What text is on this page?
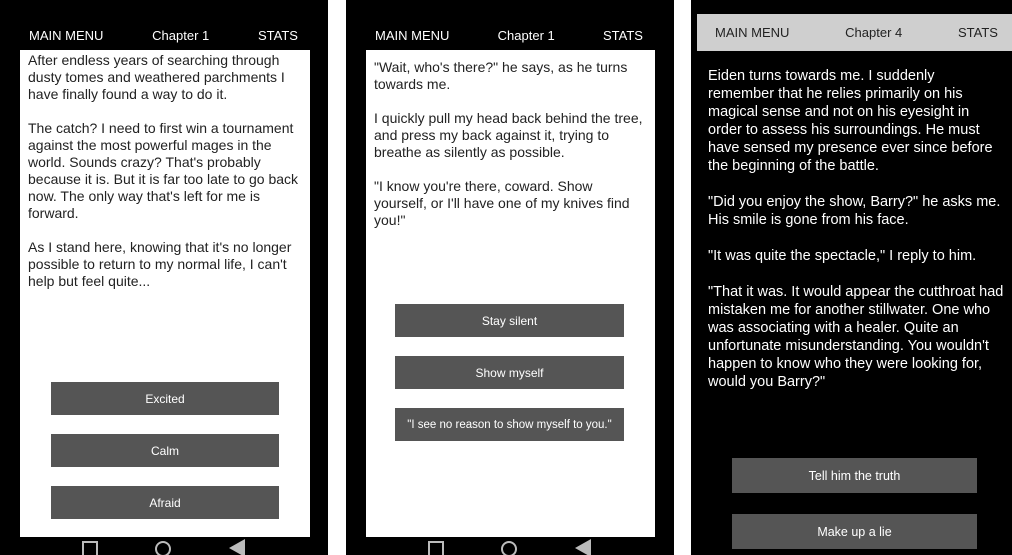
MAIN MENU	Chapter 1	STATS

After endless years of searching through dusty tomes and weathered parchments I have finally found a way to do it.

The catch? I need to first win a tournament against the most powerful mages in the world. Sounds crazy? That's probably because it is. But it is far too late to go back now. The only way that's left for me is forward.

As I stand here, knowing that it's no longer possible to return to my normal life, I can't help but feel quite...

Excited
Calm
Afraid
MAIN MENU	Chapter 1	STATS

"Wait, who's there?" he says, as he turns towards me.

I quickly pull my head back behind the tree, and press my back against it, trying to breathe as silently as possible.

"I know you're there, coward. Show yourself, or I'll have one of my knives find you!"

Stay silent
Show myself
"I see no reason to show myself to you."
MAIN MENU	Chapter 4	STATS

Eiden turns towards me. I suddenly remember that he relies primarily on his magical sense and not on his eyesight in order to assess his surroundings. He must have sensed my presence ever since before the beginning of the battle.

"Did you enjoy the show, Barry?" he asks me. His smile is gone from his face.

"It was quite the spectacle," I reply to him.

"That it was. It would appear the cutthroat had mistaken me for another stillwater. One who was associating with a healer. Quite an unfortunate misunderstanding. You wouldn't happen to know who they were looking for, would you Barry?"

Tell him the truth
Make up a lie
